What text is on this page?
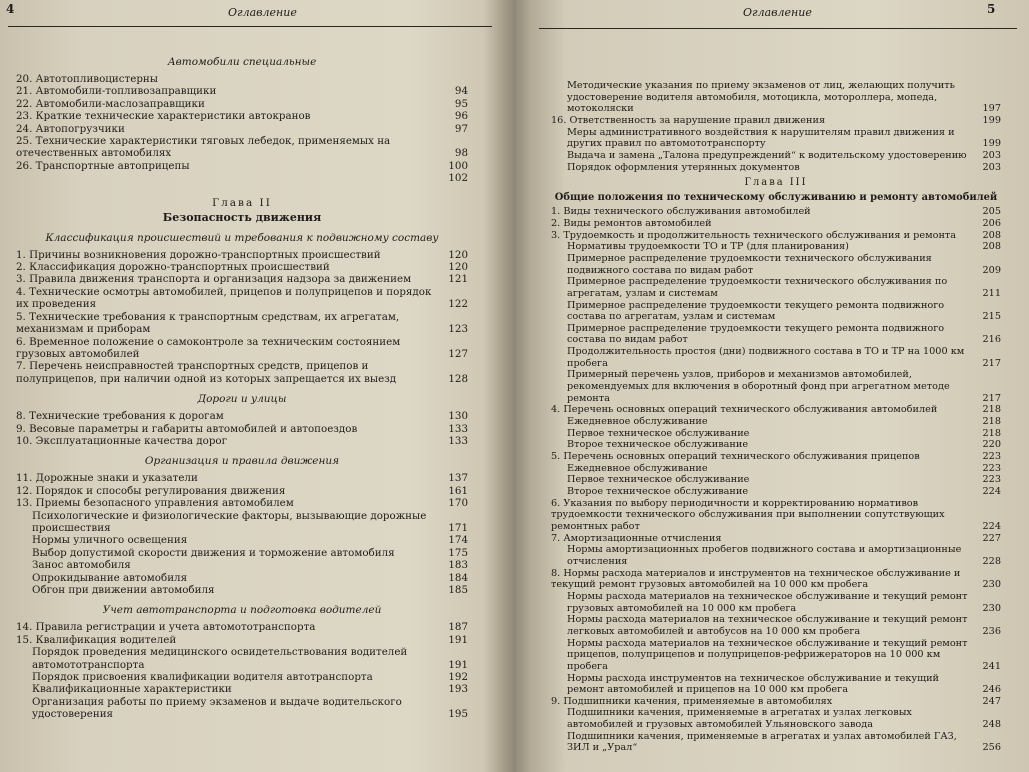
4	Оглавление
Автомобили специальные
20. Автотопливоцистерны
21. Автомобили-топливозаправщики	94
22. Автомобили-маслозаправщики	95
23. Краткие технические характеристики автокранов	96
24. Автопогрузчики	97
25. Технические характеристики тяговых лебедок, применяемых на отечественных автомобилях	98
26. Транспортные автоприцепы	100
102
Глава II
Безопасность движения
Классификация происшествий и требования к подвижному составу
1. Причины возникновения дорожно-транспортных происшествий	120
2. Классификация дорожно-транспортных происшествий	120
3. Правила движения транспорта и организация надзора за движением	121
4. Технические осмотры автомобилей, прицепов и полуприцепов и порядок их проведения	122
5. Технические требования к транспортным средствам, их агрегатам, механизмам и приборам	123
6. Временное положение о самоконтроле за техническим состоянием грузовых автомобилей	127
7. Перечень неисправностей транспортных средств, прицепов и полуприцепов, при наличии одной из которых запрещается их выезд	128
Дороги и улицы
8. Технические требования к дорогам	130
9. Весовые параметры и габариты автомобилей и автопоездов	133
10. Эксплуатационные качества дорог	133
Организация и правила движения
11. Дорожные знаки и указатели	137
12. Порядок и способы регулирования движения	161
13. Приемы безопасного управления автомобилем	170
Психологические и физиологические факторы, вызывающие дорожные происшествия	171
Нормы уличного освещения	174
Выбор допустимой скорости движения и торможение автомобиля	175
Занос автомобиля	183
Опрокидывание автомобиля	184
Обгон при движении автомобиля	185
Учет автотранспорта и подготовка водителей
14. Правила регистрации и учета автомототранспорта	187
15. Квалификация водителей	191
Порядок проведения медицинского освидетельствования водителей автомототранспорта	191
Порядок присвоения квалификации водителя автотранспорта	192
Квалификационные характеристики	193
Организация работы по приему экзаменов и выдаче водительского удостоверения	195
Оглавление	5
Методические указания по приему экзаменов от лиц, желающих получить удостоверение водителя автомобиля, мотоцикла, мотороллера, мопеда, мотоколяски	197
16. Ответственность за нарушение правил движения	199
Меры административного воздействия к нарушителям правил движения и других правил по автомототранспорту	199
Выдача и замена „Талона предупреждений“ к водительскому удостоверению	203
Порядок оформления утерянных документов	203
Глава III
Общие положения по техническому обслуживанию и ремонту автомобилей
1. Виды технического обслуживания автомобилей	205
2. Виды ремонтов автомобилей	206
3. Трудоемкость и продолжительность технического обслуживания и ремонта	208
Нормативы трудоемкости ТО и ТР (для планирования)	208
Примерное распределение трудоемкости технического обслуживания подвижного состава по видам работ	209
Примерное распределение трудоемкости технического обслуживания по агрегатам, узлам и системам	211
Примерное распределение трудоемкости текущего ремонта подвижного состава по агрегатам, узлам и системам	215
Примерное распределение трудоемкости текущего ремонта подвижного состава по видам работ	216
Продолжительность простоя (дни) подвижного состава в ТО и ТР на 1000 км пробега	217
Примерный перечень узлов, приборов и механизмов автомобилей, рекомендуемых для включения в оборотный фонд при агрегатном методе ремонта	217
4. Перечень основных операций технического обслуживания автомобилей	218
Ежедневное обслуживание	218
Первое техническое обслуживание	218
Второе техническое обслуживание	220
5. Перечень основных операций технического обслуживания прицепов	223
Ежедневное обслуживание	223
Первое техническое обслуживание	223
Второе техническое обслуживание	224
6. Указания по выбору периодичности и корректированию нормативов трудоемкости технического обслуживания при выполнении сопутствующих ремонтных работ	224
7. Амортизационные отчисления	227
Нормы амортизационных пробегов подвижного состава и амортизационные отчисления	228
8. Нормы расхода материалов и инструментов на техническое обслуживание и текущий ремонт грузовых автомобилей на 10 000 км пробега	230
Нормы расхода материалов на техническое обслуживание и текущий ремонт грузовых автомобилей на 10 000 км пробега	230
Нормы расхода материалов на техническое обслуживание и текущий ремонт легковых автомобилей и автобусов на 10 000 км пробега	236
Нормы расхода материалов на техническое обслуживание и текущий ремонт прицепов, полуприцепов и полуприцепов-рефрижераторов на 10 000 км пробега	241
Нормы расхода инструментов на техническое обслуживание и текущий ремонт автомобилей и прицепов на 10 000 км пробега	246
9. Подшипники качения, применяемые в автомобилях	247
Подшипники качения, применяемые в агрегатах и узлах легковых автомобилей и грузовых автомобилей Ульяновского завода	248
Подшипники качения, применяемые в агрегатах и узлах автомобилей ГАЗ, ЗИЛ и „Урал“	256
